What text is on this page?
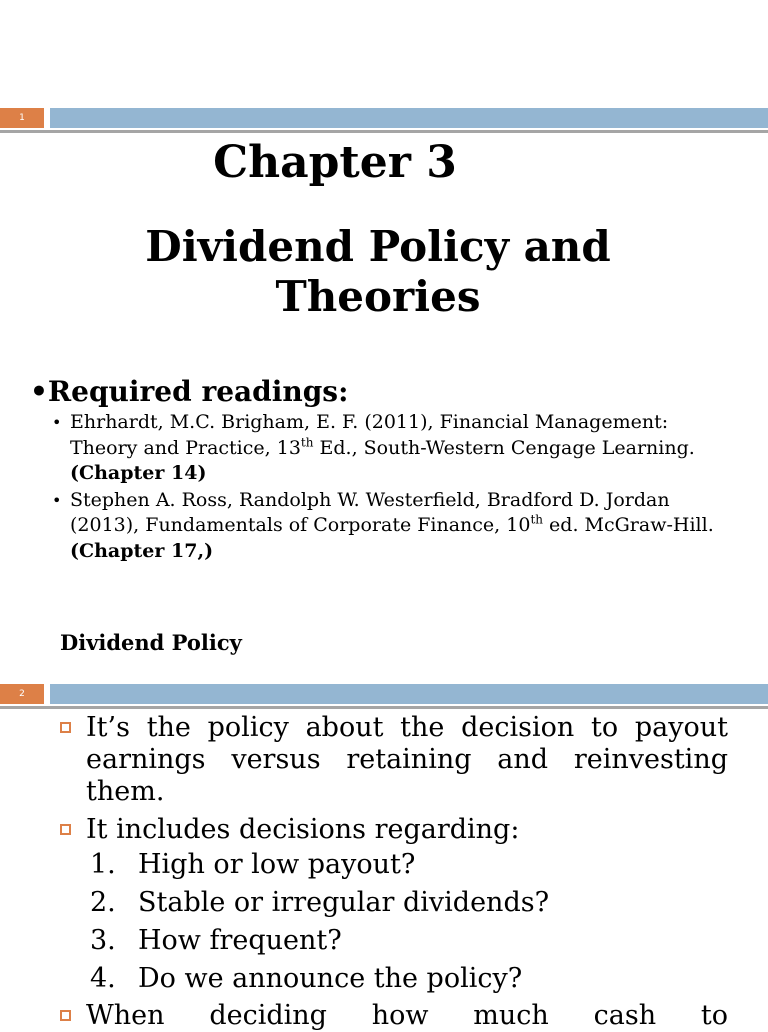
1
Chapter 3
Dividend Policy and Theories
•Required readings:
• Ehrhardt, M.C. Brigham, E. F. (2011), Financial Management: Theory and Practice, 13th Ed., South-Western Cengage Learning. (Chapter 14)
• Stephen A. Ross, Randolph W. Westerfield, Bradford D. Jordan (2013), Fundamentals of Corporate Finance, 10th ed. McGraw-Hill. (Chapter 17,)
Dividend Policy
2
It’s the policy about the decision to payout earnings versus retaining and reinvesting them.
It includes decisions regarding:
1. High or low payout?
2. Stable or irregular dividends?
3. How frequent?
4. Do we announce the policy?
When deciding how much cash to
